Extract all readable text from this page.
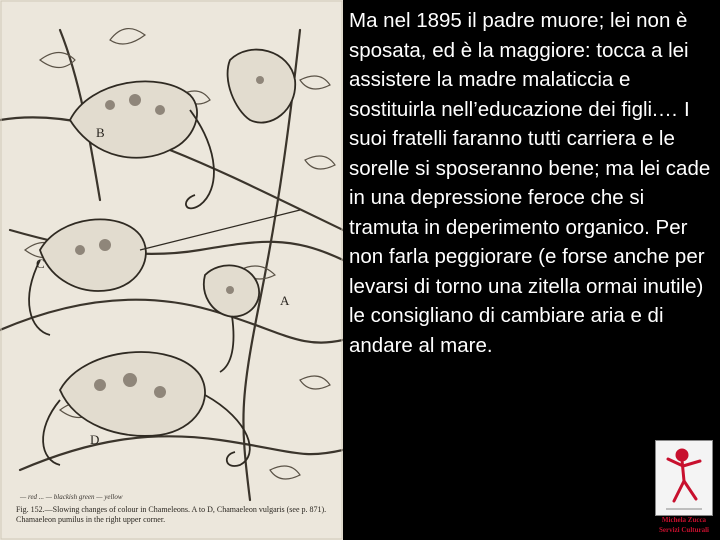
B
C
A
D
— red ... — blackish green — yellow
Fig. 152.—Slowing changes of colour in Chameleons. A to D, Chamaeleon vulgaris (see p. 871). Chamaeleon pumilus in the right upper corner.

Ma nel 1895 il padre muore; lei non è sposata, ed è la maggiore: tocca a lei assistere la madre malaticcia e sostituirla nell’educazione dei figli.… I suoi fratelli faranno tutti carriera e le sorelle si sposeranno bene; ma lei cade in una depressione feroce che si tramuta in deperimento organico. Per non farla peggiorare (e forse anche per levarsi di torno una zitella ormai inutile) le consigliano di cambiare aria e di andare al mare.

Michela Zucca
Servizi Culturali
